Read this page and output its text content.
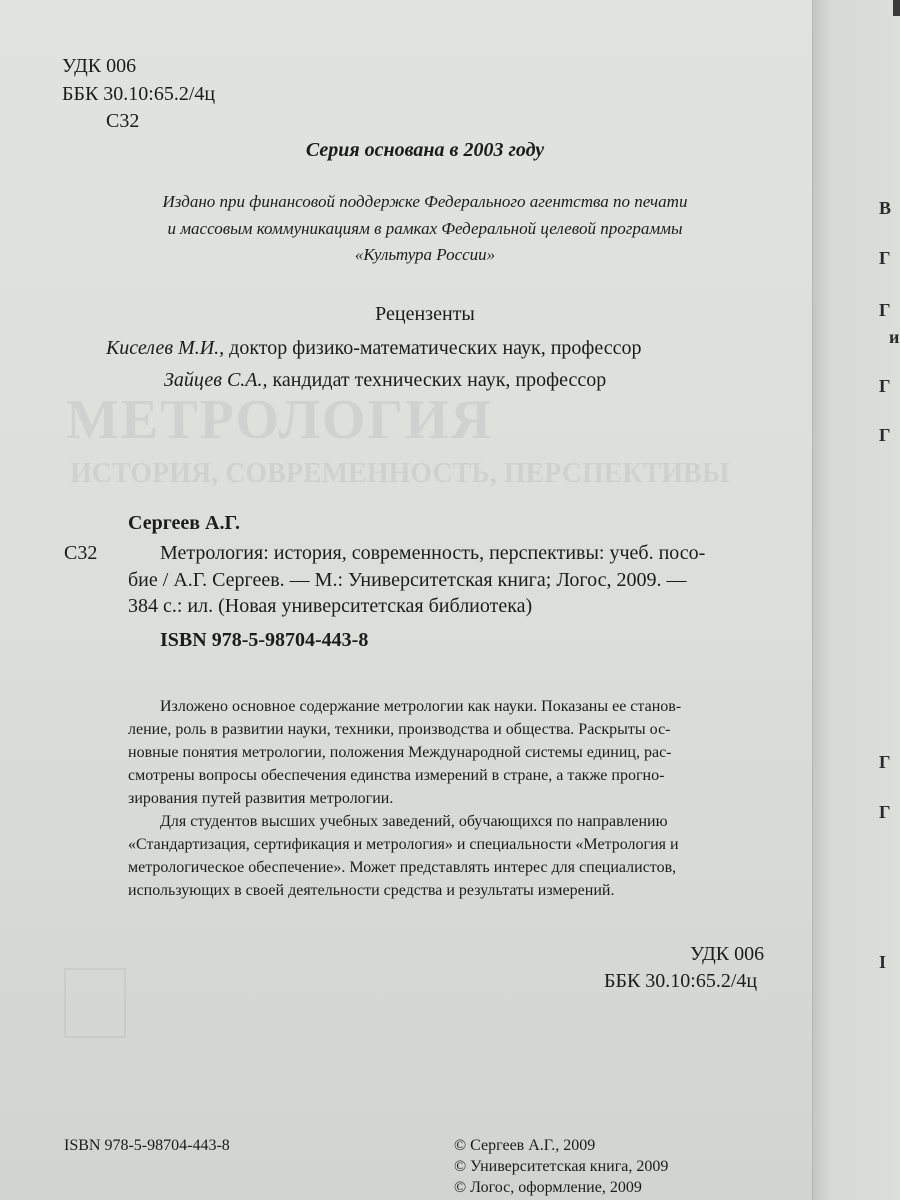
МЕТРОЛОГИЯ
ИСТОРИЯ, СОВРЕМЕННОСТЬ, ПЕРСПЕКТИВЫ
УДК 006
ББК 30.10:65.2/4ц
С32
Серия основана в 2003 году
Издано при финансовой поддержке Федерального агентства по печати
и массовым коммуникациям в рамках Федеральной целевой программы
«Культура России»
Рецензенты
Киселев М.И., доктор физико-математических наук, профессор
Зайцев С.А., кандидат технических наук, профессор
Сергеев А.Г.
С32	Метрология: история, современность, перспективы: учеб. посо-
бие / А.Г. Сергеев. — М.: Университетская книга; Логос, 2009. —
384 с.: ил. (Новая университетская библиотека)
ISBN 978-5-98704-443-8
Изложено основное содержание метрологии как науки. Показаны ее станов-
ление, роль в развитии науки, техники, производства и общества. Раскрыты ос-
новные понятия метрологии, положения Международной системы единиц, рас-
смотрены вопросы обеспечения единства измерений в стране, а также прогно-
зирования путей развития метрологии.
Для студентов высших учебных заведений, обучающихся по направлению
«Стандартизация, сертификация и метрология» и специальности «Метрология и
метрологическое обеспечение». Может представлять интерес для специалистов,
использующих в своей деятельности средства и результаты измерений.
УДК 006
ББК 30.10:65.2/4ц
ISBN 978-5-98704-443-8	© Сергеев А.Г., 2009
© Университетская книга, 2009
© Логос, оформление, 2009
В
Г
Г
и
Г
Г
Г
Г
I
